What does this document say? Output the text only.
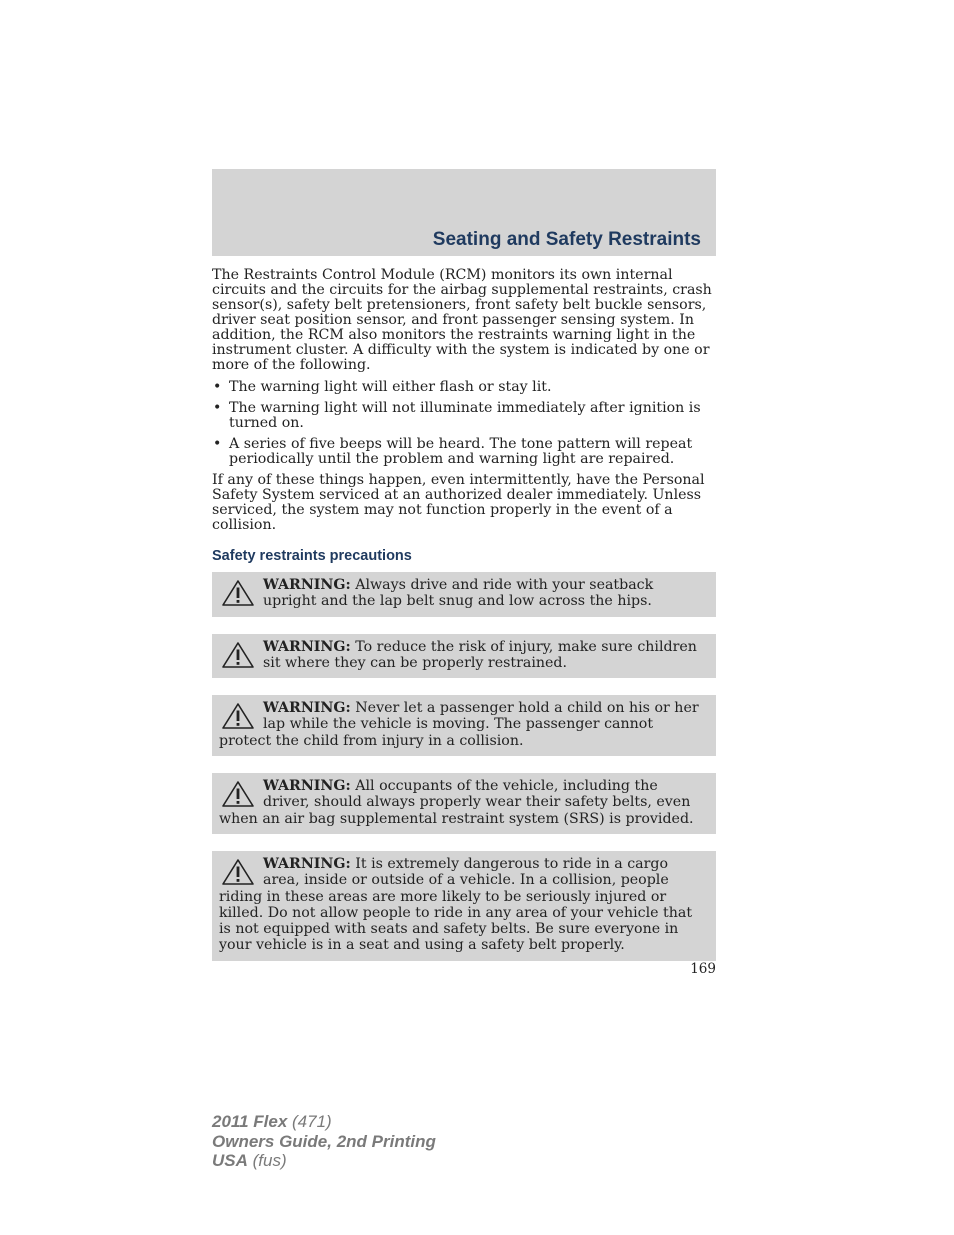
Seating and Safety Restraints

The Restraints Control Module (RCM) monitors its own internal circuits and the circuits for the airbag supplemental restraints, crash sensor(s), safety belt pretensioners, front safety belt buckle sensors, driver seat position sensor, and front passenger sensing system. In addition, the RCM also monitors the restraints warning light in the instrument cluster. A difficulty with the system is indicated by one or more of the following.

• The warning light will either flash or stay lit.
• The warning light will not illuminate immediately after ignition is turned on.
• A series of five beeps will be heard. The tone pattern will repeat periodically until the problem and warning light are repaired.

If any of these things happen, even intermittently, have the Personal Safety System serviced at an authorized dealer immediately. Unless serviced, the system may not function properly in the event of a collision.

Safety restraints precautions
WARNING: Always drive and ride with your seatback upright and the lap belt snug and low across the hips.
WARNING: To reduce the risk of injury, make sure children sit where they can be properly restrained.
WARNING: Never let a passenger hold a child on his or her lap while the vehicle is moving. The passenger cannot protect the child from injury in a collision.
WARNING: All occupants of the vehicle, including the driver, should always properly wear their safety belts, even when an air bag supplemental restraint system (SRS) is provided.
WARNING: It is extremely dangerous to ride in a cargo area, inside or outside of a vehicle. In a collision, people riding in these areas are more likely to be seriously injured or killed. Do not allow people to ride in any area of your vehicle that is not equipped with seats and safety belts. Be sure everyone in your vehicle is in a seat and using a safety belt properly.
169
2011 Flex (471)
Owners Guide, 2nd Printing
USA (fus)
